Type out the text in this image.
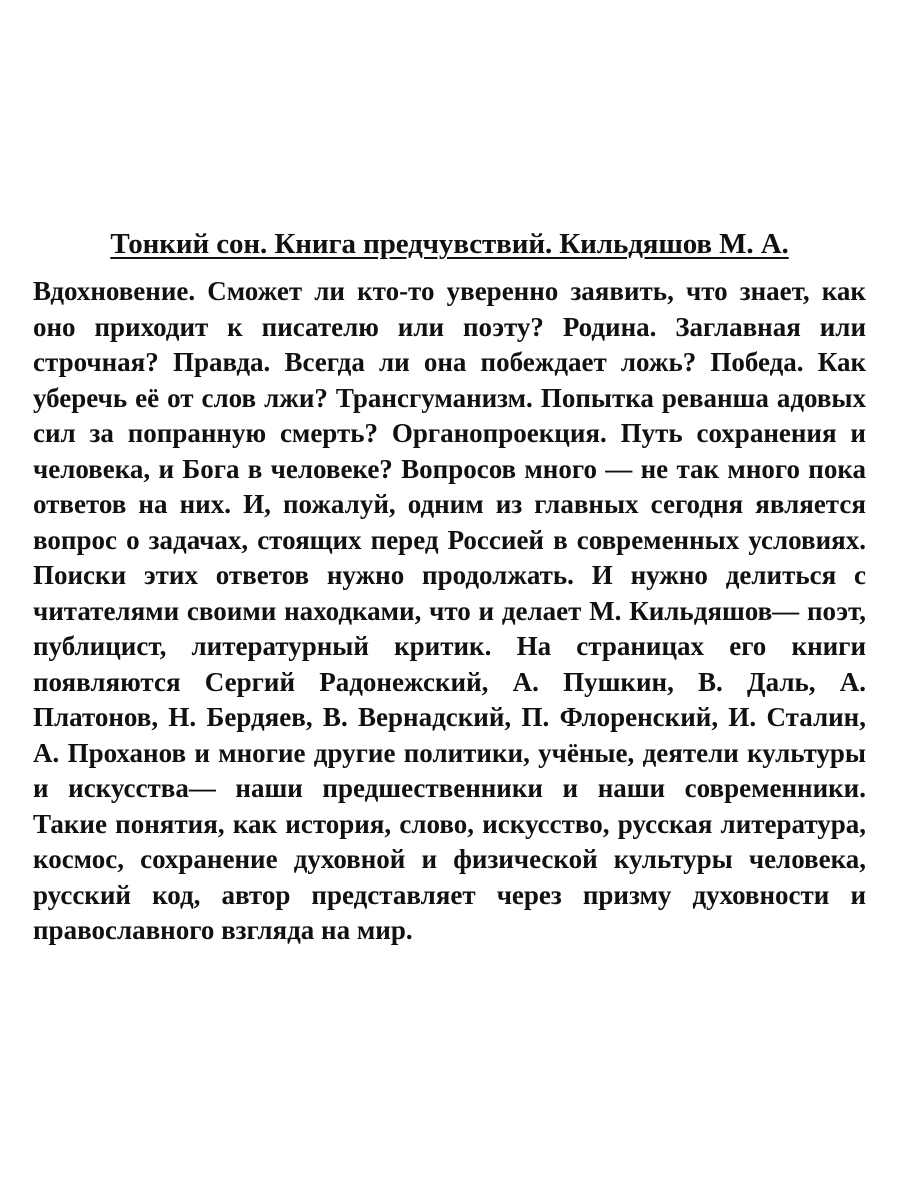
Тонкий сон. Книга предчувствий. Кильдяшов М. А.

Вдохновение. Сможет ли кто-то уверенно заявить, что знает, как оно приходит к писателю или поэту? Родина. Заглавная или строчная? Правда. Всегда ли она побеждает ложь? Победа. Как уберечь её от слов лжи? Трансгуманизм. Попытка реванша адовых сил за попранную смерть? Органопроекция. Путь сохранения и человека, и Бога в человеке? Вопросов много — не так много пока ответов на них. И, пожалуй, одним из главных сегодня является вопрос о задачах, стоящих перед Россией в современных условиях. Поиски этих ответов нужно продолжать. И нужно делиться с читателями своими находками, что и делает М. Кильдяшов— поэт, публицист, литературный критик. На страницах его книги появляются Сергий Радонежский, А. Пушкин, В. Даль, А. Платонов, Н. Бердяев, В. Вернадский, П. Флоренский, И. Сталин, А. Проханов и многие другие политики, учёные, деятели культуры и искусства— наши предшественники и наши современники. Такие понятия, как история, слово, искусство, русская литература, космос, сохранение духовной и физической культуры человека, русский код, автор представляет через призму духовности и православного взгляда на мир.
